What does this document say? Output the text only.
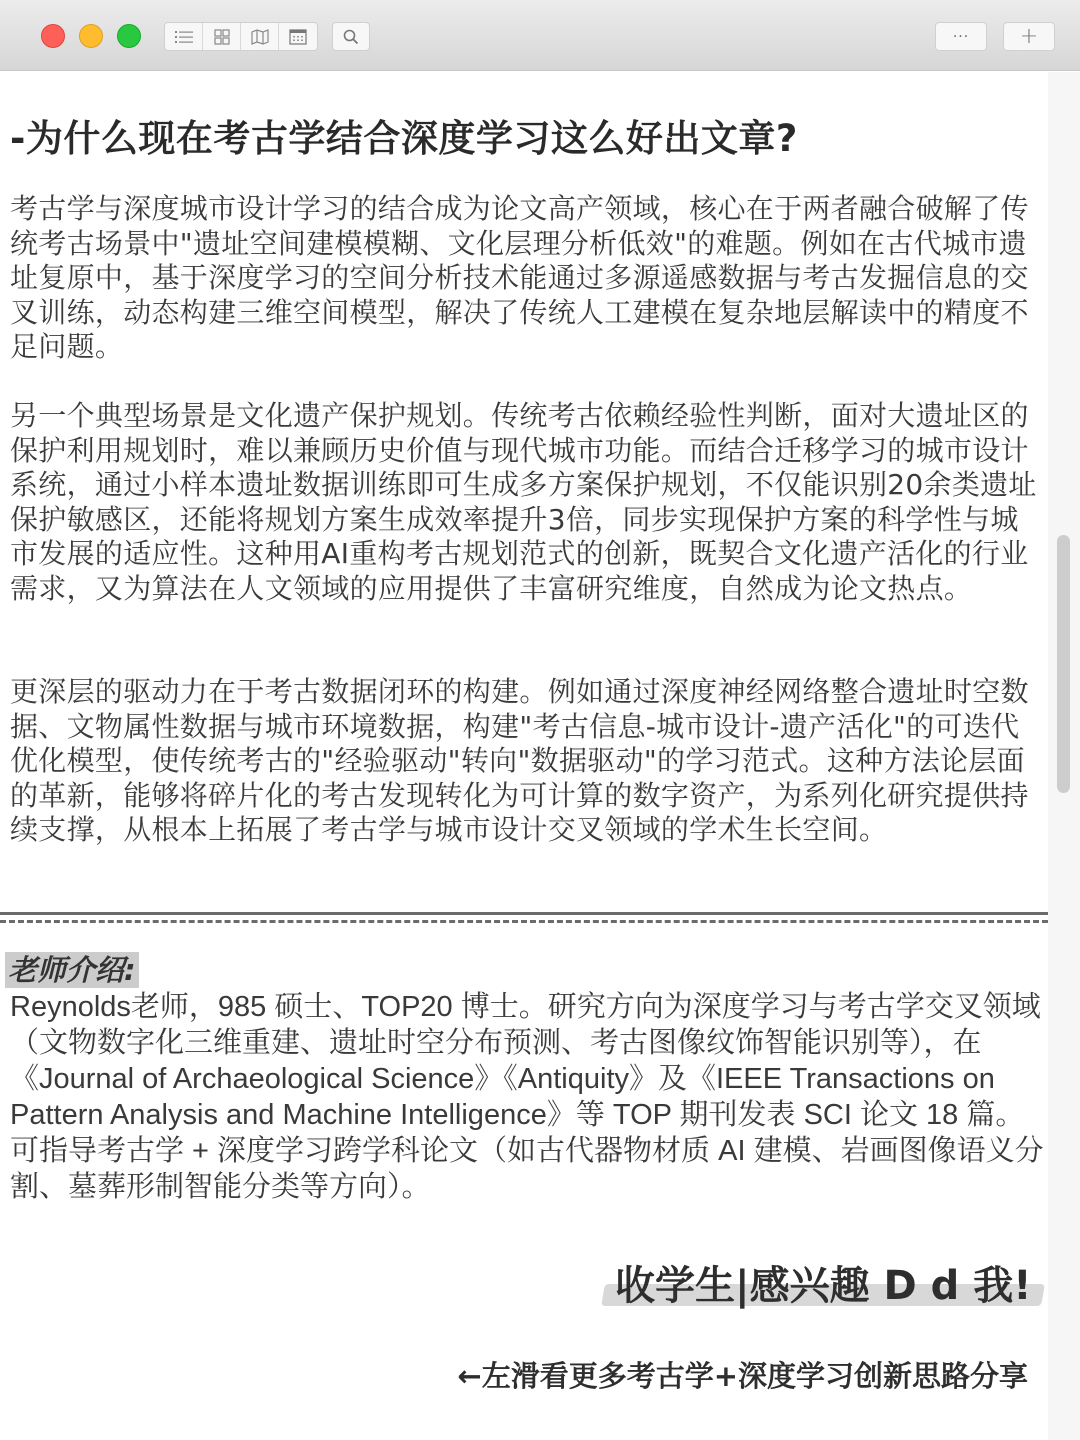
··· +
-为什么现在考古学结合深度学习这么好出文章?

考古学与深度城市设计学习的结合成为论文高产领域，核心在于两者融合破解了传统考古场景中"遗址空间建模模糊、文化层理分析低效"的难题。例如在古代城市遗址复原中，基于深度学习的空间分析技术能通过多源遥感数据与考古发掘信息的交叉训练，动态构建三维空间模型，解决了传统人工建模在复杂地层解读中的精度不足问题。

另一个典型场景是文化遗产保护规划。传统考古依赖经验性判断，面对大遗址区的保护利用规划时，难以兼顾历史价值与现代城市功能。而结合迁移学习的城市设计系统，通过小样本遗址数据训练即可生成多方案保护规划，不仅能识别20余类遗址保护敏感区，还能将规划方案生成效率提升3倍，同步实现保护方案的科学性与城市发展的适应性。这种用AI重构考古规划范式的创新，既契合文化遗产活化的行业需求，又为算法在人文领域的应用提供了丰富研究维度，自然成为论文热点。

更深层的驱动力在于考古数据闭环的构建。例如通过深度神经网络整合遗址时空数据、文物属性数据与城市环境数据，构建"考古信息-城市设计-遗产活化"的可迭代优化模型，使传统考古的"经验驱动"转向"数据驱动"的学习范式。这种方法论层面的革新，能够将碎片化的考古发现转化为可计算的数字资产，为系列化研究提供持续支撑，从根本上拓展了考古学与城市设计交叉领域的学术生长空间。

老师介绍:

Reynolds老师，985 硕士、TOP20 博士。研究方向为深度学习与考古学交叉领域（文物数字化三维重建、遗址时空分布预测、考古图像纹饰智能识别等），在《Journal of Archaeological Science》《Antiquity》及《IEEE Transactions on Pattern Analysis and Machine Intelligence》等 TOP 期刊发表 SCI 论文 18 篇。可指导考古学 + 深度学习跨学科论文（如古代器物材质 AI 建模、岩画图像语义分割、墓葬形制智能分类等方向）。

收学生|感兴趣 D d 我!
←左滑看更多考古学+深度学习创新思路分享
